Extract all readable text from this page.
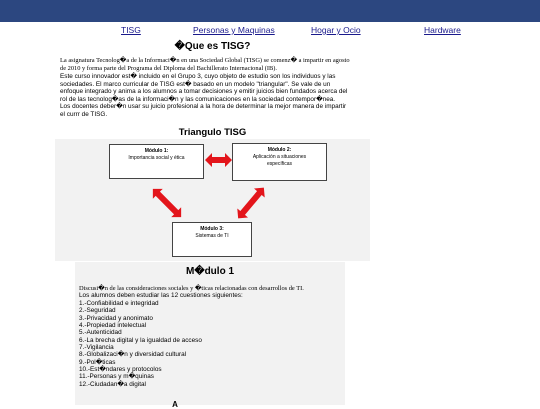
TISG	Personas y Maquinas	Hogar y Ocio	Hardware
�Que es TISG?
La asignatura Tecnolog�a de la Informaci�n en una Sociedad Global (TISG) se comenz� a impartir en agosto
de 2010 y forma parte del Programa del Diploma del Bachillerato Internacional (IB).
Este curso innovador est� incluido en el Grupo 3, cuyo objeto de estudio son los individuos y las
sociedades. El marco curricular de TISG est� basado en un modelo "triangular". Se vale de un
enfoque integrado y anima a los alumnos a tomar decisiones y emitir juicios bien fundados acerca del
rol de las tecnolog�as de la informaci�n y las comunicaciones en la sociedad contempor�nea.
Los docentes deber�n usar su juicio profesional a la hora de determinar la mejor manera de impartir
el currr de TISG.
Triangulo TISG
Módulo 1:
Importancia social y ética
Módulo 2:
Aplicación a situaciones
específicas
Módulo 3:
Sistemas de TI
M�dulo 1
Discusi�n de las consideraciones sociales y �ticas relacionadas con desarrollos de TI.
Los alumnos deben estudiar las 12 cuestiones siguientes:
1.-Confiabilidad e integridad
2.-Seguridad
3.-Privacidad y anonimato
4.-Propiedad intelectual
5.-Autenticidad
6.-La brecha digital y la igualdad de acceso
7.-Vigilancia
8.-Globalizaci�n y diversidad cultural
9.-Pol�ticas
10.-Est�ndares y protocolos
11.-Personas y m�quinas
12.-Ciudadan�a digital
A
